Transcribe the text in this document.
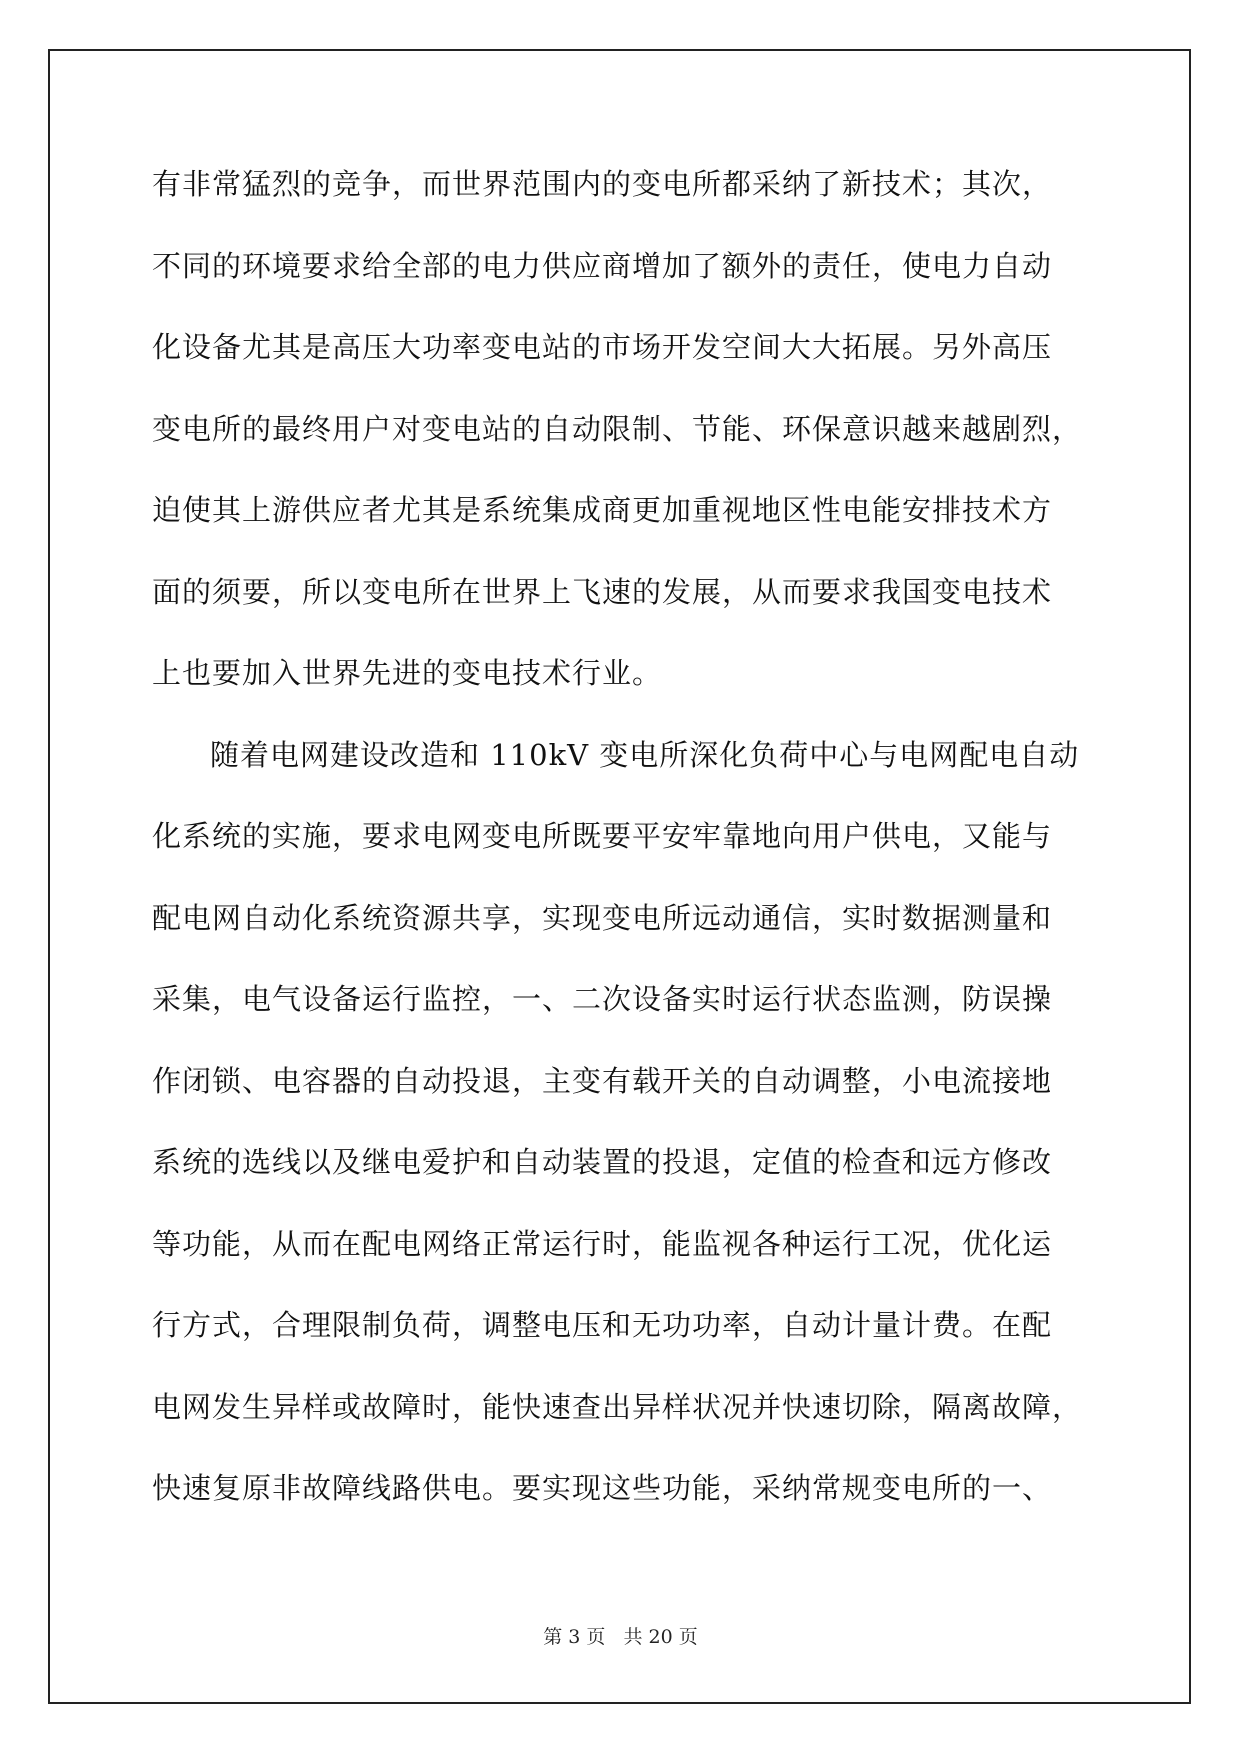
有非常猛烈的竞争，而世界范围内的变电所都采纳了新技术；其次，
不同的环境要求给全部的电力供应商增加了额外的责任，使电力自动
化设备尤其是高压大功率变电站的市场开发空间大大拓展。另外高压
变电所的最终用户对变电站的自动限制、节能、环保意识越来越剧烈，
迫使其上游供应者尤其是系统集成商更加重视地区性电能安排技术方
面的须要，所以变电所在世界上飞速的发展，从而要求我国变电技术
上也要加入世界先进的变电技术行业。
随着电网建设改造和 110kV 变电所深化负荷中心与电网配电自动
化系统的实施，要求电网变电所既要平安牢靠地向用户供电，又能与
配电网自动化系统资源共享，实现变电所远动通信，实时数据测量和
采集，电气设备运行监控，一、二次设备实时运行状态监测，防误操
作闭锁、电容器的自动投退，主变有载开关的自动调整，小电流接地
系统的选线以及继电爱护和自动装置的投退，定值的检查和远方修改
等功能，从而在配电网络正常运行时，能监视各种运行工况，优化运
行方式，合理限制负荷，调整电压和无功功率，自动计量计费。在配
电网发生异样或故障时，能快速查出异样状况并快速切除，隔离故障，
快速复原非故障线路供电。要实现这些功能，采纳常规变电所的一、
第 3 页 共 20 页
